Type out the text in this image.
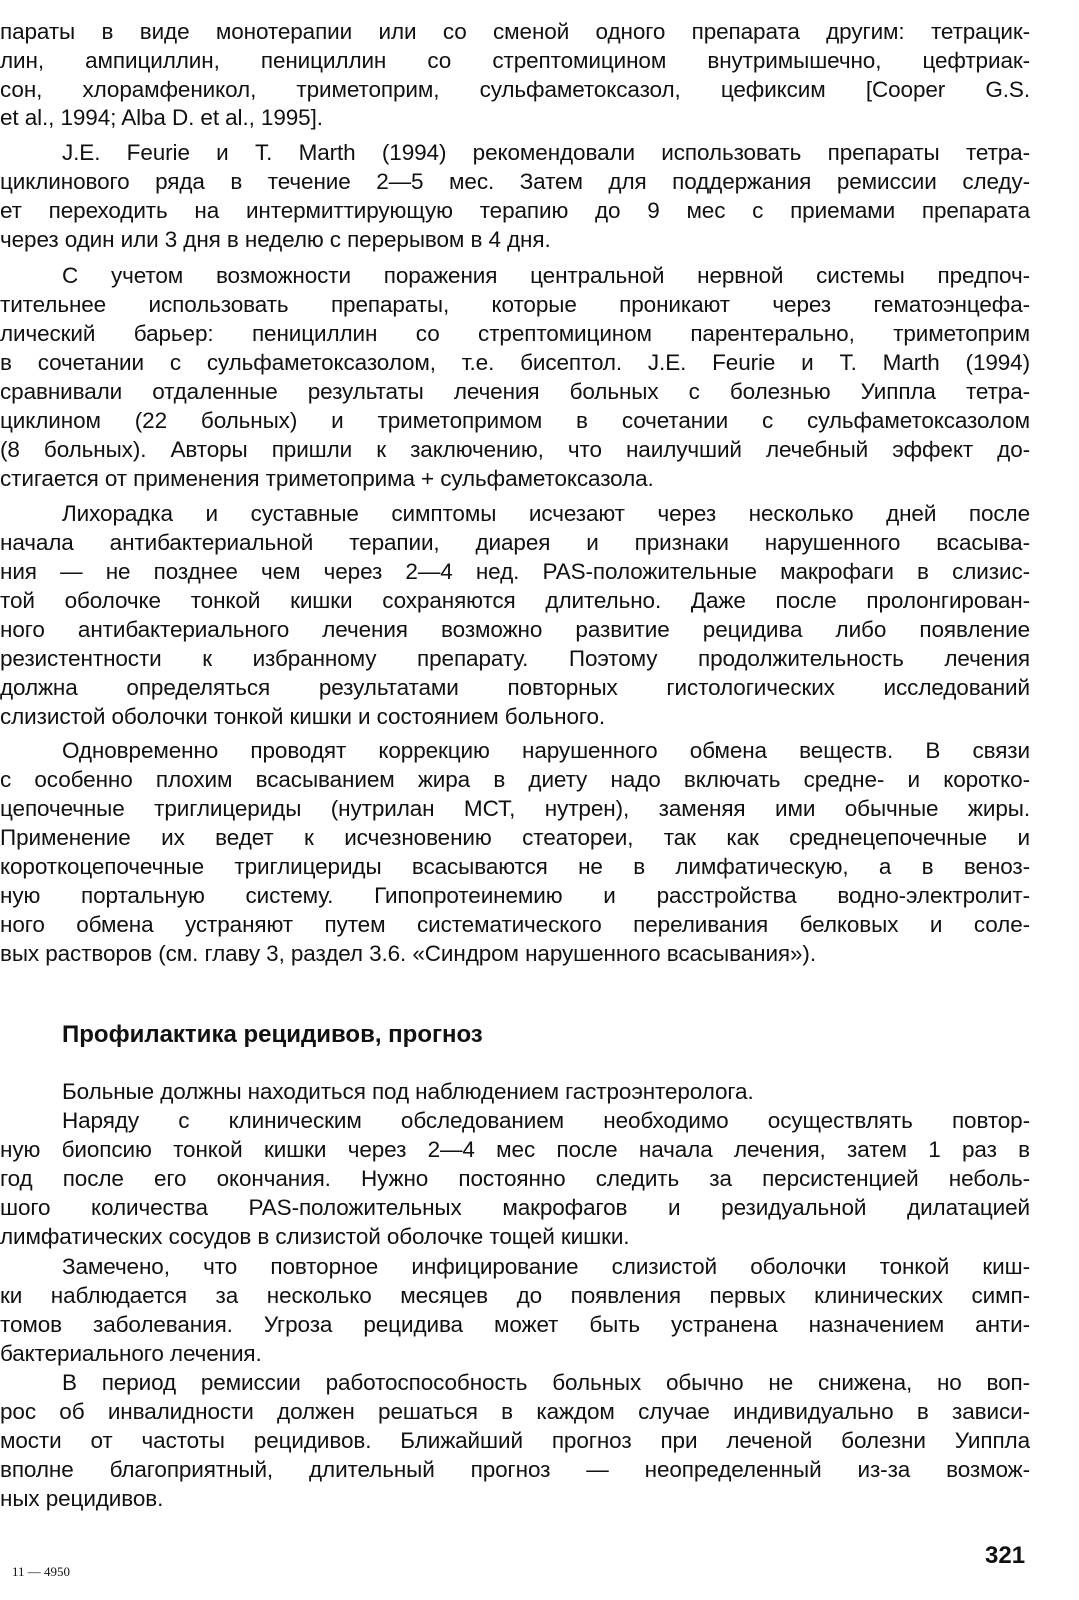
параты в виде монотерапии или со сменой одного препарата другим: тетрацик-
лин, ампициллин, пенициллин со стрептомицином внутримышечно, цефтриак-
сон, хлорамфеникол, триметоприм, сульфаметоксазол, цефиксим [Cooper G.S.
et al., 1994; Alba D. et al., 1995].
J.E. Feurie и T. Marth (1994) рекомендовали использовать препараты тетра-
циклинового ряда в течение 2—5 мес. Затем для поддержания ремиссии следу-
ет переходить на интермиттирующую терапию до 9 мес с приемами препарата
через один или 3 дня в неделю с перерывом в 4 дня.
С учетом возможности поражения центральной нервной системы предпоч-
тительнее использовать препараты, которые проникают через гематоэнцефа-
лический барьер: пенициллин со стрептомицином парентерально, триметоприм
в сочетании с сульфаметоксазолом, т.е. бисептол. J.E. Feurie и T. Marth (1994)
сравнивали отдаленные результаты лечения больных с болезнью Уиппла тетра-
циклином (22 больных) и триметопримом в сочетании с сульфаметоксазолом
(8 больных). Авторы пришли к заключению, что наилучший лечебный эффект до-
стигается от применения триметоприма + сульфаметоксазола.
Лихорадка и суставные симптомы исчезают через несколько дней после
начала антибактериальной терапии, диарея и признаки нарушенного всасыва-
ния — не позднее чем через 2—4 нед. PAS-положительные макрофаги в слизис-
той оболочке тонкой кишки сохраняются длительно. Даже после пролонгирован-
ного антибактериального лечения возможно развитие рецидива либо появление
резистентности к избранному препарату. Поэтому продолжительность лечения
должна определяться результатами повторных гистологических исследований
слизистой оболочки тонкой кишки и состоянием больного.
Одновременно проводят коррекцию нарушенного обмена веществ. В связи
с особенно плохим всасыванием жира в диету надо включать средне- и коротко-
цепочечные триглицериды (нутрилан МСТ, нутрен), заменяя ими обычные жиры.
Применение их ведет к исчезновению стеатореи, так как среднецепочечные и
короткоцепочечные триглицериды всасываются не в лимфатическую, а в веноз-
ную портальную систему. Гипопротеинемию и расстройства водно-электролит-
ного обмена устраняют путем систематического переливания белковых и соле-
вых растворов (см. главу 3, раздел 3.6. «Синдром нарушенного всасывания»).
Профилактика рецидивов, прогноз
Больные должны находиться под наблюдением гастроэнтеролога.
Наряду с клиническим обследованием необходимо осуществлять повтор-
ную биопсию тонкой кишки через 2—4 мес после начала лечения, затем 1 раз в
год после его окончания. Нужно постоянно следить за персистенцией неболь-
шого количества PAS-положительных макрофагов и резидуальной дилатацией
лимфатических сосудов в слизистой оболочке тощей кишки.
Замечено, что повторное инфицирование слизистой оболочки тонкой киш-
ки наблюдается за несколько месяцев до появления первых клинических симп-
томов заболевания. Угроза рецидива может быть устранена назначением анти-
бактериального лечения.
В период ремиссии работоспособность больных обычно не снижена, но воп-
рос об инвалидности должен решаться в каждом случае индивидуально в зависи-
мости от частоты рецидивов. Ближайший прогноз при леченой болезни Уиппла
вполне благоприятный, длительный прогноз — неопределенный из-за возмож-
ных рецидивов.
11 — 4950
321
